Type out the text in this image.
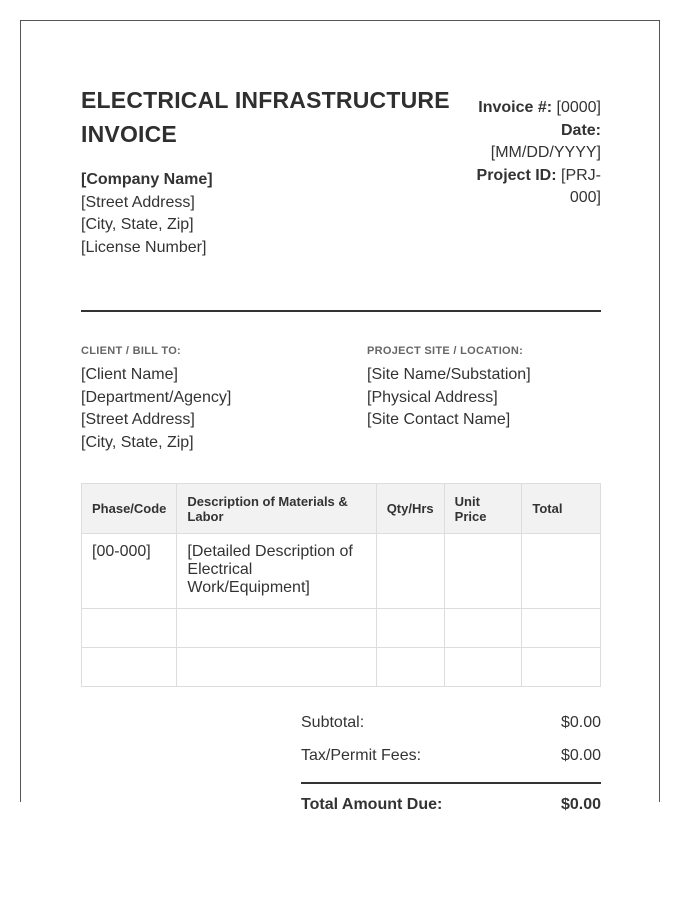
ELECTRICAL INFRASTRUCTURE INVOICE
[Company Name]
[Street Address]
[City, State, Zip]
[License Number]
Invoice #: [0000]
Date:
[MM/DD/YYYY]
Project ID: [PRJ-000]
CLIENT / BILL TO:
[Client Name]
[Department/Agency]
[Street Address]
[City, State, Zip]
PROJECT SITE / LOCATION:
[Site Name/Substation]
[Physical Address]
[Site Contact Name]
Phase/Code	Description of Materials & Labor	Qty/Hrs	Unit Price	Total
[00-000]	[Detailed Description of Electrical Work/Equipment]			

Subtotal:	$0.00
Tax/Permit Fees:	$0.00
Total Amount Due:	$0.00
